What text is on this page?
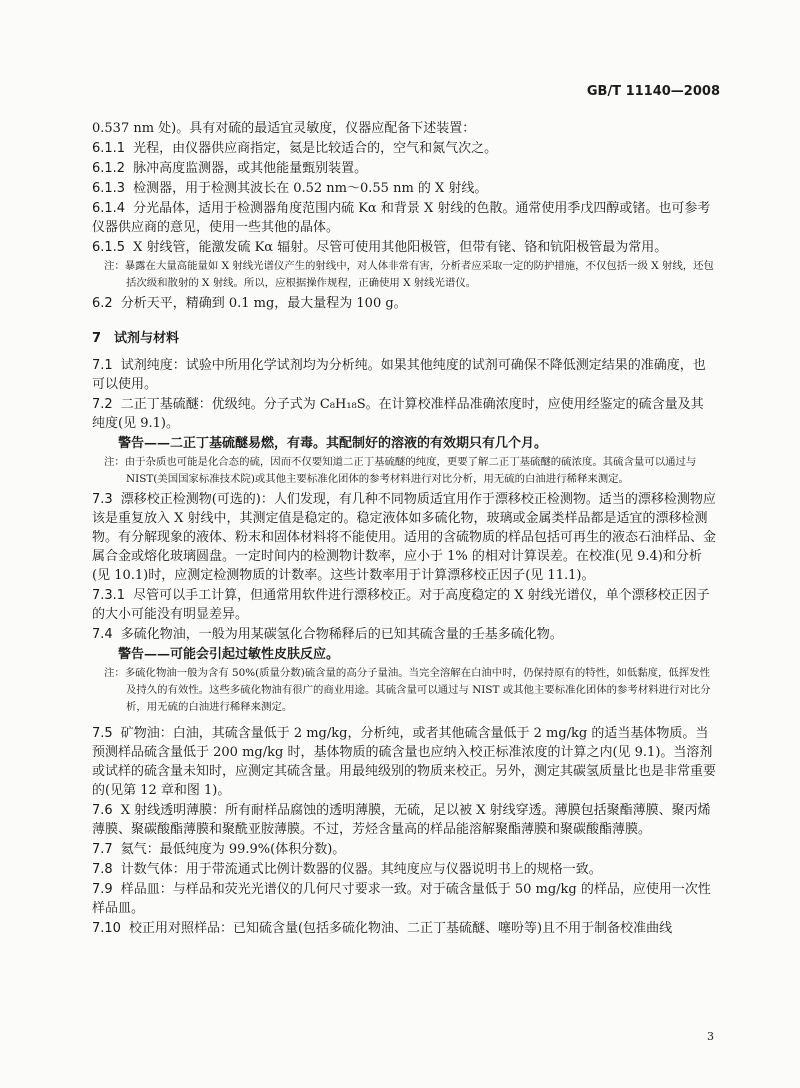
GB/T 11140—2008
0.537 nm 处)。具有对硫的最适宜灵敏度，仪器应配备下述装置：
6.1.1 光程，由仪器供应商指定，氦是比较适合的，空气和氮气次之。
6.1.2 脉冲高度监测器，或其他能量甄别装置。
6.1.3 检测器，用于检测其波长在 0.52 nm～0.55 nm 的 X 射线。
6.1.4 分光晶体，适用于检测器角度范围内硫 Kα 和背景 X 射线的色散。通常使用季戊四醇或锗。也可参考仪器供应商的意见，使用一些其他的晶体。
6.1.5 X 射线管，能激发硫 Kα 辐射。尽管可使用其他阳极管，但带有铑、铬和钪阳极管最为常用。
注：暴露在大量高能量如 X 射线光谱仪产生的射线中，对人体非常有害，分析者应采取一定的防护措施，不仅包括一级 X 射线，还包括次级和散射的 X 射线。所以，应根据操作规程，正确使用 X 射线光谱仪。
6.2 分析天平，精确到 0.1 mg，最大量程为 100 g。
7　试剂与材料
7.1 试剂纯度：试验中所用化学试剂均为分析纯。如果其他纯度的试剂可确保不降低测定结果的准确度，也可以使用。
7.2 二正丁基硫醚：优级纯。分子式为 C₈H₁₈S。在计算校准样品准确浓度时，应使用经鉴定的硫含量及其纯度(见 9.1)。
警告——二正丁基硫醚易燃，有毒。其配制好的溶液的有效期只有几个月。
注：由于杂质也可能是化合态的硫，因而不仅要知道二正丁基硫醚的纯度，更要了解二正丁基硫醚的硫浓度。其硫含量可以通过与 NIST(美国国家标准技术院)或其他主要标准化团体的参考材料进行对比分析，用无硫的白油进行稀释来测定。
7.3 漂移校正检测物(可选的)：人们发现，有几种不同物质适宜用作于漂移校正检测物。适当的漂移检测物应该是重复放入 X 射线中，其测定值是稳定的。稳定液体如多硫化物，玻璃或金属类样品都是适宜的漂移检测物。有分解现象的液体、粉末和固体材料将不能使用。适用的含硫物质的样品包括可再生的液态石油样品、金属合金或熔化玻璃圆盘。一定时间内的检测物计数率，应小于 1% 的相对计算误差。在校准(见 9.4)和分析(见 10.1)时，应测定检测物质的计数率。这些计数率用于计算漂移校正因子(见 11.1)。
7.3.1 尽管可以手工计算，但通常用软件进行漂移校正。对于高度稳定的 X 射线光谱仪，单个漂移校正因子的大小可能没有明显差异。
7.4 多硫化物油，一般为用某碳氢化合物稀释后的已知其硫含量的壬基多硫化物。
警告——可能会引起过敏性皮肤反应。
注：多硫化物油一般为含有 50%(质量分数)硫含量的高分子量油。当完全溶解在白油中时，仍保持原有的特性，如低黏度，低挥发性及持久的有效性。这些多硫化物油有很广的商业用途。其硫含量可以通过与 NIST 或其他主要标准化团体的参考材料进行对比分析，用无硫的白油进行稀释来测定。
7.5 矿物油：白油，其硫含量低于 2 mg/kg，分析纯，或者其他硫含量低于 2 mg/kg 的适当基体物质。当预测样品硫含量低于 200 mg/kg 时，基体物质的硫含量也应纳入校正标准浓度的计算之内(见 9.1)。当溶剂或试样的硫含量未知时，应测定其硫含量。用最纯级别的物质来校正。另外，测定其碳氢质量比也是非常重要的(见第 12 章和图 1)。
7.6 X 射线透明薄膜：所有耐样品腐蚀的透明薄膜，无硫，足以被 X 射线穿透。薄膜包括聚酯薄膜、聚丙烯薄膜、聚碳酸酯薄膜和聚酰亚胺薄膜。不过，芳烃含量高的样品能溶解聚酯薄膜和聚碳酸酯薄膜。
7.7 氦气：最低纯度为 99.9%(体积分数)。
7.8 计数气体：用于带流通式比例计数器的仪器。其纯度应与仪器说明书上的规格一致。
7.9 样品皿：与样品和荧光光谱仪的几何尺寸要求一致。对于硫含量低于 50 mg/kg 的样品，应使用一次性样品皿。
7.10 校正用对照样品：已知硫含量(包括多硫化物油、二正丁基硫醚、噻吩等)且不用于制备校准曲线
3
